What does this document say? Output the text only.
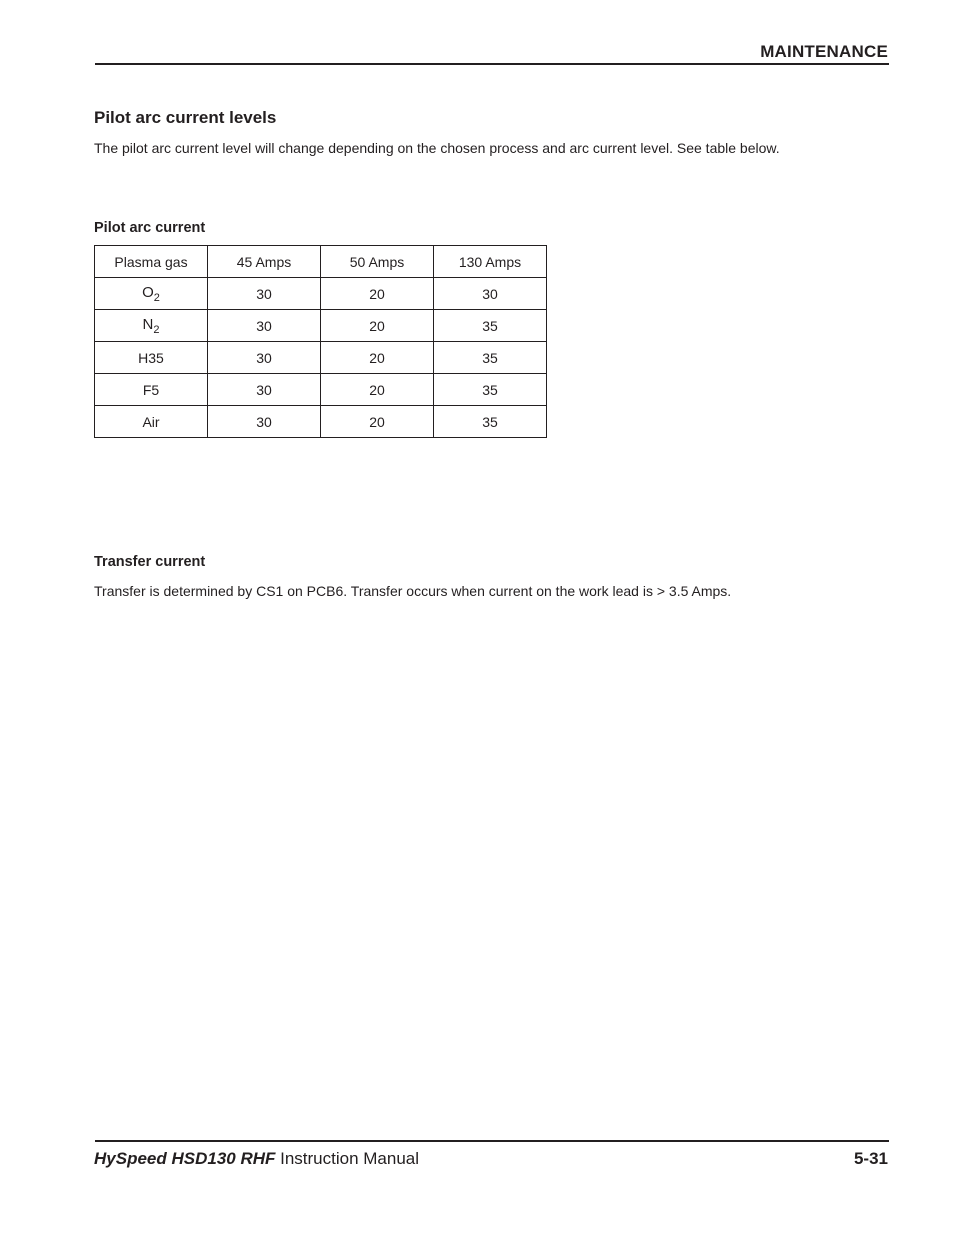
MAINTENANCE
Pilot arc current levels
The pilot arc current level will change depending on the chosen process and arc current level. See table below.
Pilot arc current
Plasma gas	45 Amps	50 Amps	130 Amps
$O_2$	30	20	30
$N_2$	30	20	35
H35	30	20	35
F5	30	20	35
Air	30	20	35
Transfer current
Transfer is determined by CS1 on PCB6. Transfer occurs when current on the work lead is > 3.5 Amps.
HySpeed HSD130 RHF Instruction Manual	5-31
